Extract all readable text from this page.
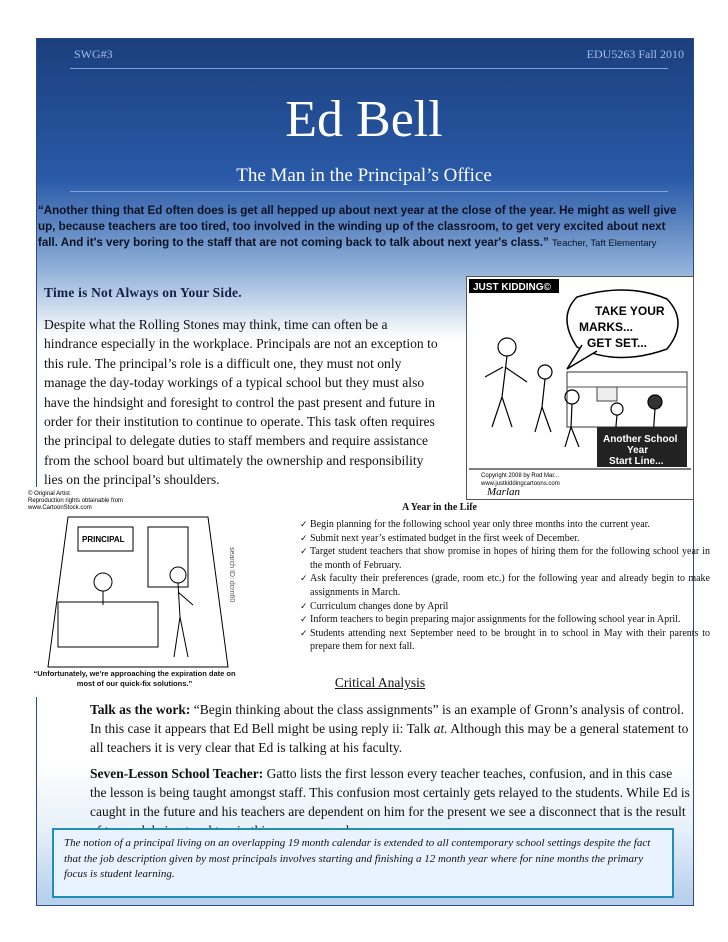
SWG#3	EDU5263 Fall 2010
Ed Bell
The Man in the Principal’s Office
“Another thing that Ed often does is get all hepped up about next year at the close of the year. He might as well give up, because teachers are too tired, too involved in the winding up of the classroom, to get very excited about next fall. And it's very boring to the staff that are not coming back to talk about next year's class.” Teacher, Taft Elementary
Time is Not Always on Your Side.
Despite what the Rolling Stones may think, time can often be a hindrance especially in the workplace. Principals are not an exception to this rule. The principal’s role is a difficult one, they must not only manage the day-today workings of a typical school but they must also have the hindsight and foresight to control the past present and future in order for their institution to continue to operate. This task often requires the principal to delegate duties to staff members and require assistance from the school board but ultimately the ownership and responsibility lies on the principal’s shoulders.
JUST KIDDING©
TAKE YOUR
MARKS...
GET SET...
Another School
Year
Start Line...
Copyright 2008 by Rod Mar...
www.justkiddingcartoons.com
Marlan
© Original Artist
Reproduction rights obtainable from
www.CartoonStock.com
PRINCIPAL
search ID: dcrn60
“Unfortunately, we're approaching the expiration date on most of our quick-fix solutions.”
A Year in the Life
✓ Begin planning for the following school year only three months into the current year.
✓ Submit next year’s estimated budget in the first week of December.
✓ Target student teachers that show promise in hopes of hiring them for the following school year in the month of February.
✓ Ask faculty their preferences (grade, room etc.) for the following year and already begin to make assignments in March.
✓ Curriculum changes done by April
✓ Inform teachers to begin preparing major assignments for the following school year in April.
✓ Students attending next September need to be brought in to school in May with their parents to prepare them for next fall.
Critical Analysis

Talk as the work: “Begin thinking about the class assignments” is an example of Gronn’s analysis of control. In this case it appears that Ed Bell might be using reply ii: Talk at. Although this may be a general statement to all teachers it is very clear that Ed is talking at his faculty.

Seven-Lesson School Teacher: Gatto lists the first lesson every teacher teaches, confusion, and in this case the lesson is being taught amongst staff. This confusion most certainly gets relayed to the students. While Ed is caught in the future and his teachers are dependent on him for the present we see a disconnect that is the result

The notion of a principal living on an overlapping 19 month calendar is extended to all contemporary school settings despite the fact that the job description given by most principals involves starting and finishing a 12 month year where for nine months the primary focus is student learning.
